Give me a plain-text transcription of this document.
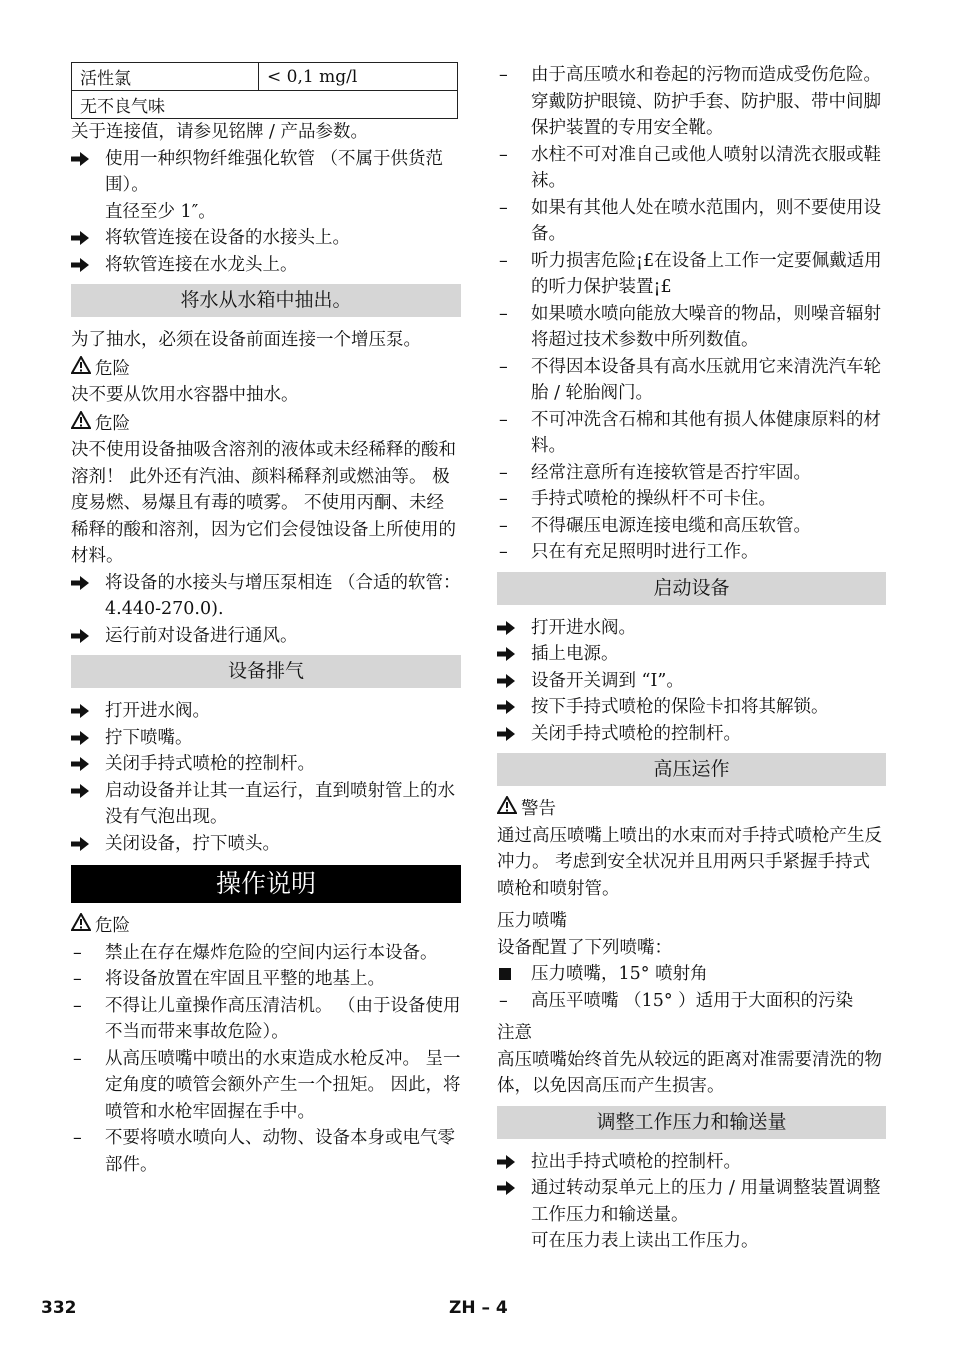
活性氯	< 0,1 mg/l
无不良气味

关于连接值，请参见铭牌 / 产品参数。

使用一种织物纤维强化软管 （不属于供货范围）。
直径至少 1″。
将软管连接在设备的水接头上。
将软管连接在水龙头上。
将水从水箱中抽出。

为了抽水，必须在设备前面连接一个增压泵。

危险

决不要从饮用水容器中抽水。

危险

决不使用设备抽吸含溶剂的液体或未经稀释的酸和溶剂！ 此外还有汽油、颜料稀释剂或燃油等。 极度易燃、易爆且有毒的喷雾。 不使用丙酮、未经稀释的酸和溶剂，因为它们会侵蚀设备上所使用的材料。

将设备的水接头与增压泵相连 （合适的软管： 4.440-270.0).
运行前对设备进行通风。
设备排气
打开进水阀。
拧下喷嘴。
关闭手持式喷枪的控制杆。
启动设备并让其一直运行，直到喷射管上的水没有气泡出现。
关闭设备，拧下喷头。
操作说明
危险
–	禁止在存在爆炸危险的空间内运行本设备。
–	将设备放置在牢固且平整的地基上。
–	不得让儿童操作高压清洁机。 （由于设备使用不当而带来事故危险）。
–	从高压喷嘴中喷出的水束造成水枪反冲。 呈一定角度的喷管会额外产生一个扭矩。 因此，将喷管和水枪牢固握在手中。
–	不要将喷水喷向人、动物、设备本身或电气零部件。
–	由于高压喷水和卷起的污物而造成受伤危险。 穿戴防护眼镜、防护手套、防护服、带中间脚保护装置的专用安全靴。
–	水柱不可对准自己或他人喷射以清洗衣服或鞋袜。
–	如果有其他人处在喷水范围内，则不要使用设备。
–	听力损害危险¡£在设备上工作一定要佩戴适用的听力保护装置¡£
–	如果喷水喷向能放大噪音的物品，则噪音辐射将超过技术参数中所列数值。
–	不得因本设备具有高水压就用它来清洗汽车轮胎 / 轮胎阀门。
–	不可冲洗含石棉和其他有损人体健康原料的材料。
–	经常注意所有连接软管是否拧牢固。
–	手持式喷枪的操纵杆不可卡住。
–	不得碾压电源连接电缆和高压软管。
–	只在有充足照明时进行工作。
启动设备
打开进水阀。
插上电源。
设备开关调到 “I”。
按下手持式喷枪的保险卡扣将其解锁。
关闭手持式喷枪的控制杆。
高压运作
警告

通过高压喷嘴上喷出的水束而对手持式喷枪产生反冲力。 考虑到安全状况并且用两只手紧握手持式喷枪和喷射管。

压力喷嘴

设备配置了下列喷嘴：

压力喷嘴，15° 喷射角
–	高压平喷嘴 （15° ）适用于大面积的污染

注意

高压喷嘴始终首先从较远的距离对准需要清洗的物体，以免因高压而产生损害。

调整工作压力和输送量
拉出手持式喷枪的控制杆。
通过转动泵单元上的压力 / 用量调整装置调整工作压力和输送量。
可在压力表上读出工作压力。
332	ZH – 4
